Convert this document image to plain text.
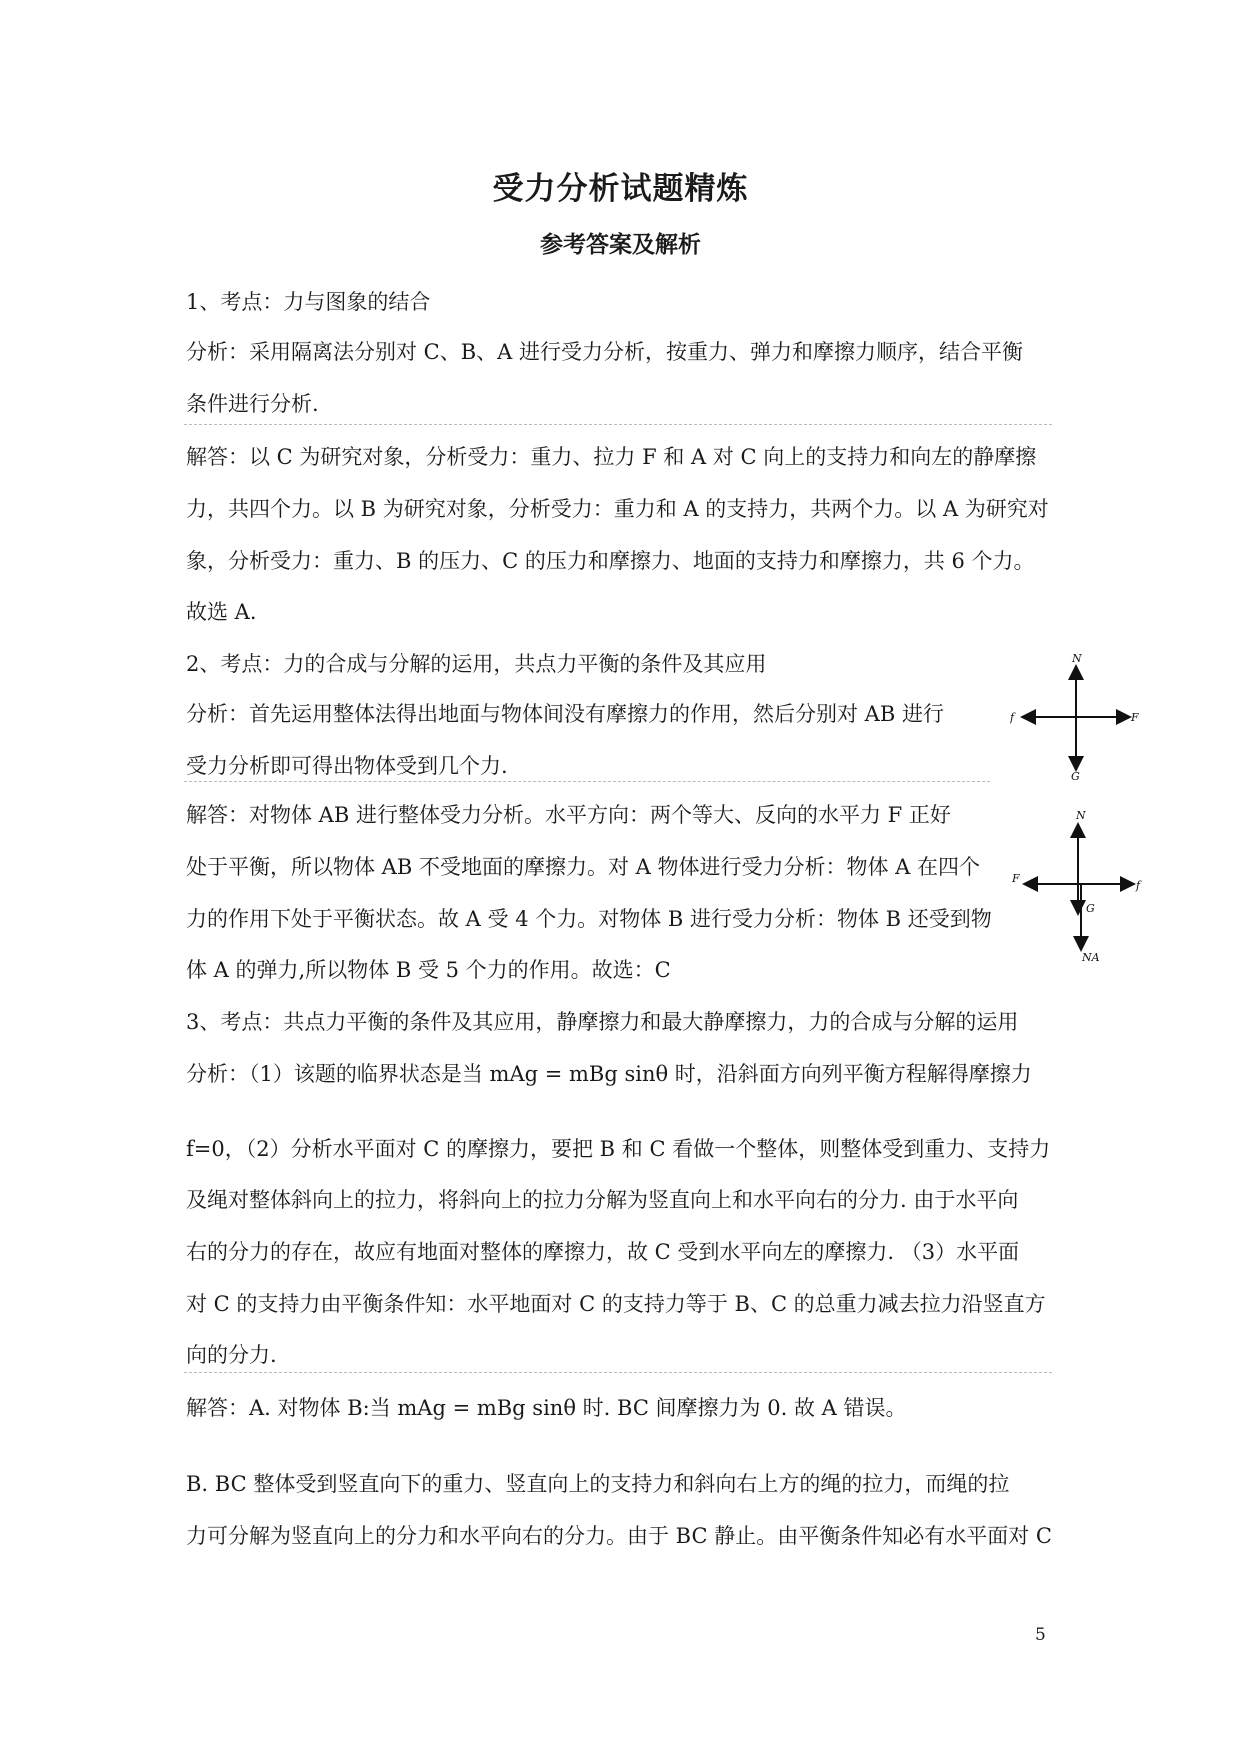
受力分析试题精炼
参考答案及解析
1、考点：力与图象的结合
分析：采用隔离法分别对 C、B、A 进行受力分析，按重力、弹力和摩擦力顺序，结合平衡
条件进行分析.
解答：以 C 为研究对象，分析受力：重力、拉力 F 和 A 对 C 向上的支持力和向左的静摩擦
力，共四个力。以 B 为研究对象，分析受力：重力和 A 的支持力，共两个力。以 A 为研究对
象，分析受力：重力、B 的压力、C 的压力和摩擦力、地面的支持力和摩擦力，共 6 个力。
故选 A.
2、考点：力的合成与分解的运用，共点力平衡的条件及其应用
分析：首先运用整体法得出地面与物体间没有摩擦力的作用，然后分别对 AB 进行
受力分析即可得出物体受到几个力.
解答：对物体 AB 进行整体受力分析。水平方向：两个等大、反向的水平力 F 正好
处于平衡，所以物体 AB 不受地面的摩擦力。对 A 物体进行受力分析：物体 A 在四个
力的作用下处于平衡状态。故 A 受 4 个力。对物体 B 进行受力分析：物体 B 还受到物
体 A 的弹力,所以物体 B 受 5 个力的作用。故选：C
3、考点：共点力平衡的条件及其应用，静摩擦力和最大静摩擦力，力的合成与分解的运用
分析：（1）该题的临界状态是当 mAg = mBg sinθ 时，沿斜面方向列平衡方程解得摩擦力
f=0，（2）分析水平面对 C 的摩擦力，要把 B 和 C 看做一个整体，则整体受到重力、支持力
及绳对整体斜向上的拉力，将斜向上的拉力分解为竖直向上和水平向右的分力. 由于水平向
右的分力的存在，故应有地面对整体的摩擦力，故 C 受到水平向左的摩擦力. （3）水平面
对 C 的支持力由平衡条件知：水平地面对 C 的支持力等于 B、C 的总重力减去拉力沿竖直方
向的分力.
解答：A. 对物体 B:当 mAg = mBg sinθ 时. BC 间摩擦力为 0. 故 A 错误。
B. BC 整体受到竖直向下的重力、竖直向上的支持力和斜向右上方的绳的拉力，而绳的拉
力可分解为竖直向上的分力和水平向右的分力。由于 BC 静止。由平衡条件知必有水平面对 C
N
G
f	F
N
G
NA
F
f
5
